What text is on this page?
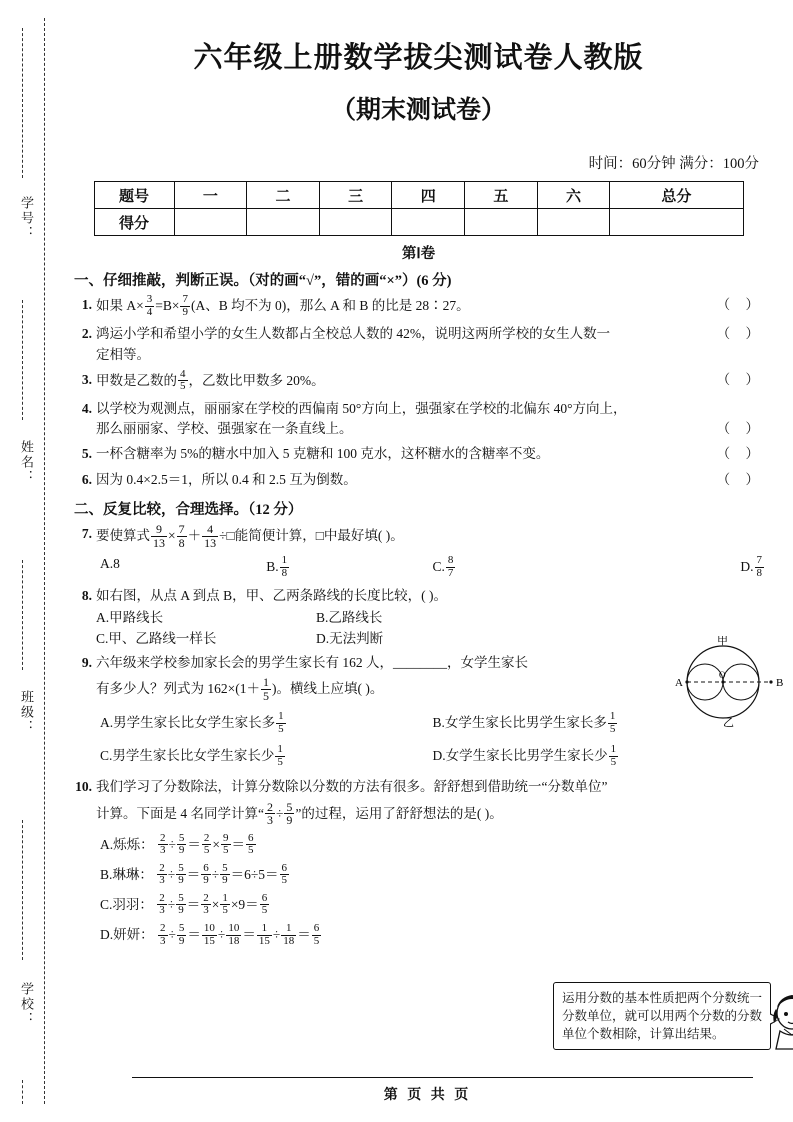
学号：
姓名：
班级：
学校：
六年级上册数学拔尖测试卷人教版
（期末测试卷）
时间：60分钟 满分：100分
题号	一	二	三	四	五	六	总分
得分							
第Ⅰ卷
一、仔细推敲，判断正误。（对的画“√”，错的画“×”）(6 分)
1.	（ ）
如果 $A\times \frac{3}{4} =B\times \frac{7}{9} (A$、B 均不为 0)，那么 A 和 B 的比是 28∶27。
2.	（ ）
鸿运小学和希望小学的女生人数都占全校总人数的 42%，说明这两所学校的女生人数一
定相等。
3.	（ ）
甲数是乙数的 $\frac{4}{5}$ ，乙数比甲数多 20%。
4. 以学校为观测点，丽丽家在学校的西偏南 50°方向上，强强家在学校的北偏东 40°方向上，
（ ）
那么丽丽家、学校、强强家在一条直线上。
5.	（ ）
一杯含糖率为 5%的糖水中加入 5 克糖和 100 克水，这杯糖水的含糖率不变。
6.	（ ）
因为 0.4×2.5＝1，所以 0.4 和 2.5 互为倒数。
二、反复比较，合理选择。（12 分）
7. 要使算式 $\frac{9}{13} \times \frac{7}{8} + \frac{4}{13}$ ÷□能简便计算，□中最好填( )。
A.8	B. $\frac{1}{8}$	C. $\frac{8}{7}$	D. $\frac{7}{8}$
8. 如右图，从点 A 到点 B，甲、乙两条路线的长度比较，( )。
A.甲路线长	B.乙路线长
C.甲、乙路线一样长	D.无法判断
9. 六年级来学校参加家长会的男学生家长有 162 人，________，女学生家长
有多少人？列式为 $162\times(1+ \frac{1}{5}$ )。横线上应填( )。
A.男学生家长比女学生家长多 $\frac{1}{5}$	B.女学生家长比男学生家长多 $\frac{1}{5}$
C.男学生家长比女学生家长少 $\frac{1}{5}$	D.女学生家长比男学生家长少 $\frac{1}{5}$
10. 我们学习了分数除法，计算分数除以分数的方法有很多。舒舒想到借助统一“分数单位”
计算。下面是 4 名同学计算“ $\frac{2}{3} \div \frac{5}{9}$ ”的过程，运用了舒舒想法的是( )。
A.烁烁： $\frac{2}{3} \div \frac{5}{9} = \frac{2}{5} \times \frac{9}{5} = \frac{6}{5}$
B.琳琳： $\frac{2}{3} \div \frac{5}{9} = \frac{6}{9} \div \frac{5}{9} =6\div 5= \frac{6}{5}$
C.羽羽： $\frac{2}{3} \div \frac{5}{9} = \frac{2}{3} \times \frac{1}{5} \times 9= \frac{6}{5}$
D.妍妍： $\frac{2}{3} \div \frac{5}{9} = \frac{10}{15} \div \frac{10}{18} = \frac{1}{15} \div \frac{1}{18} = \frac{6}{5}$
A	B
O
甲
乙
运用分数的基本性质把两个分数统一分数单位，就可以用两个分数的分数单位个数相除，计算出结果。
第 页 共 页
